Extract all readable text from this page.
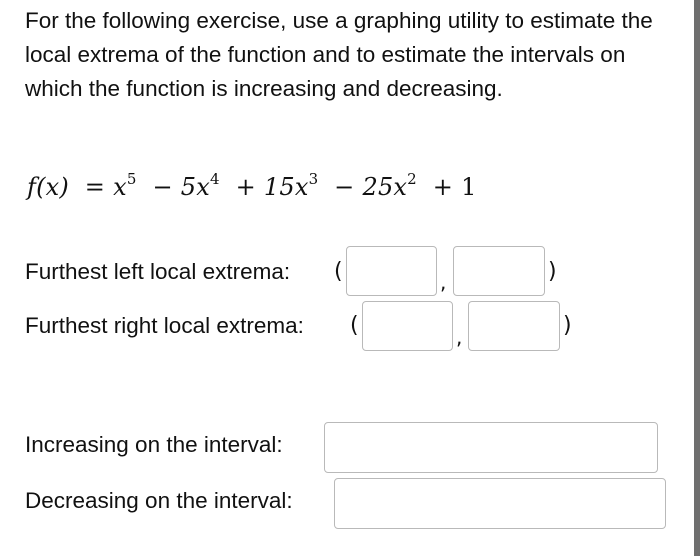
For the following exercise, use a graphing utility to estimate the local extrema of the function and to estimate the intervals on which the function is increasing and decreasing.
$f(x) = x^5 - 5x^4 + 15x^3 - 25x^2 + 1$
Furthest left local extrema: (	,	)
Furthest right local extrema: (	,	)
Increasing on the interval:
Decreasing on the interval:
